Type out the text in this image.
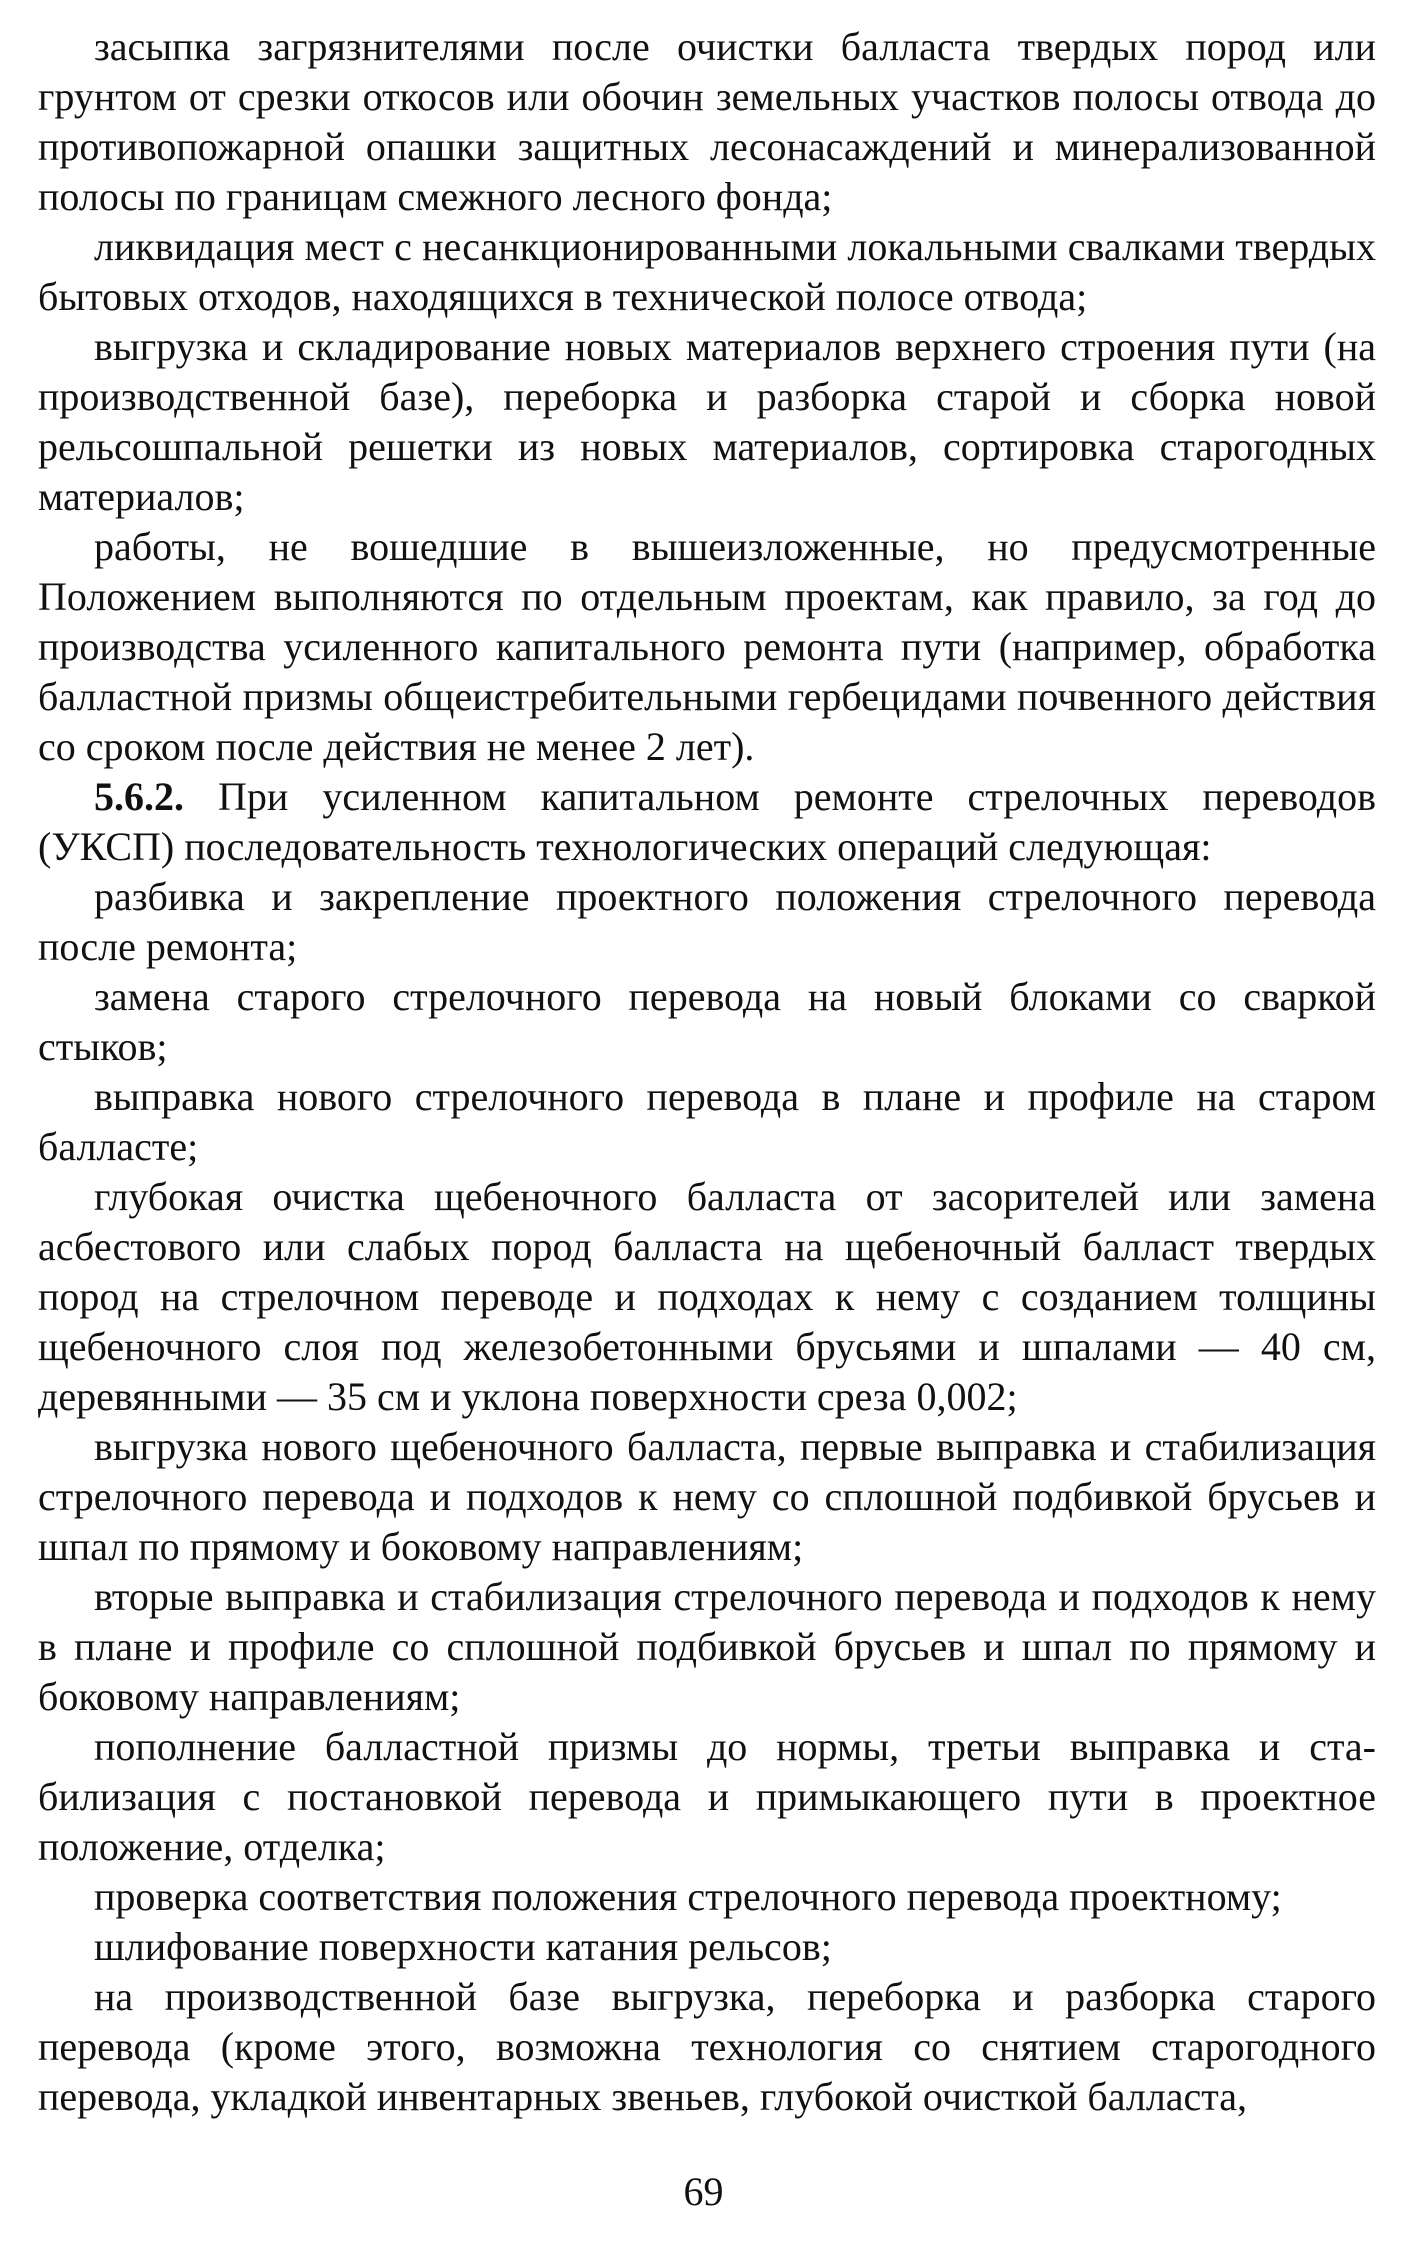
засыпка загрязнителями после очистки балласта твердых пород или грунтом от срезки откосов или обочин земельных участков полосы отвода до противопожарной опашки защитных лесонасаждений и минерализованной полосы по границам смежного лесного фонда;

ликвидация мест с несанкционированными локальными свалками твердых бытовых отходов, находящихся в технической полосе отвода;

выгрузка и складирование новых материалов верхнего строения пути (на производственной базе), переборка и разборка старой и сборка новой рельсошпальной решетки из новых материалов, сортировка старогодных материалов;

работы, не вошедшие в вышеизложенные, но предусмотренные Положением выполняются по отдельным проектам, как правило, за год до производства усиленного капитального ремонта пути (например, обработка балластной призмы общеистребительными гербецидами почвенного действия со сроком после действия не менее 2 лет).

5.6.2. При усиленном капитальном ремонте стрелочных переводов (УКСП) последовательность технологических операций следующая:

разбивка и закрепление проектного положения стрелочного перевода после ремонта;

замена старого стрелочного перевода на новый блоками со сваркой стыков;

выправка нового стрелочного перевода в плане и профиле на старом балласте;

глубокая очистка щебеночного балласта от засорителей или замена асбестового или слабых пород балласта на щебеночный балласт твердых пород на стрелочном переводе и подходах к нему с созданием толщины щебеночного слоя под железобетонными брусьями и шпалами — 40 см, деревянными — 35 см и уклона поверхности среза 0,002;

выгрузка нового щебеночного балласта, первые выправка и стабилизация стрелочного перевода и подходов к нему со сплошной подбивкой брусьев и шпал по прямому и боковому направлениям;

вторые выправка и стабилизация стрелочного перевода и подходов к нему в плане и профиле со сплошной подбивкой брусьев и шпал по прямому и боковому направлениям;

пополнение балластной призмы до нормы, третьи выправка и стабилизация с постановкой перевода и примыкающего пути в проектное положение, отделка;

проверка соответствия положения стрелочного перевода проектному;

шлифование поверхности катания рельсов;

на производственной базе выгрузка, переборка и разборка старого перевода (кроме этого, возможна технология со снятием старогодного перевода, укладкой инвентарных звеньев, глубокой очисткой балласта,

69
